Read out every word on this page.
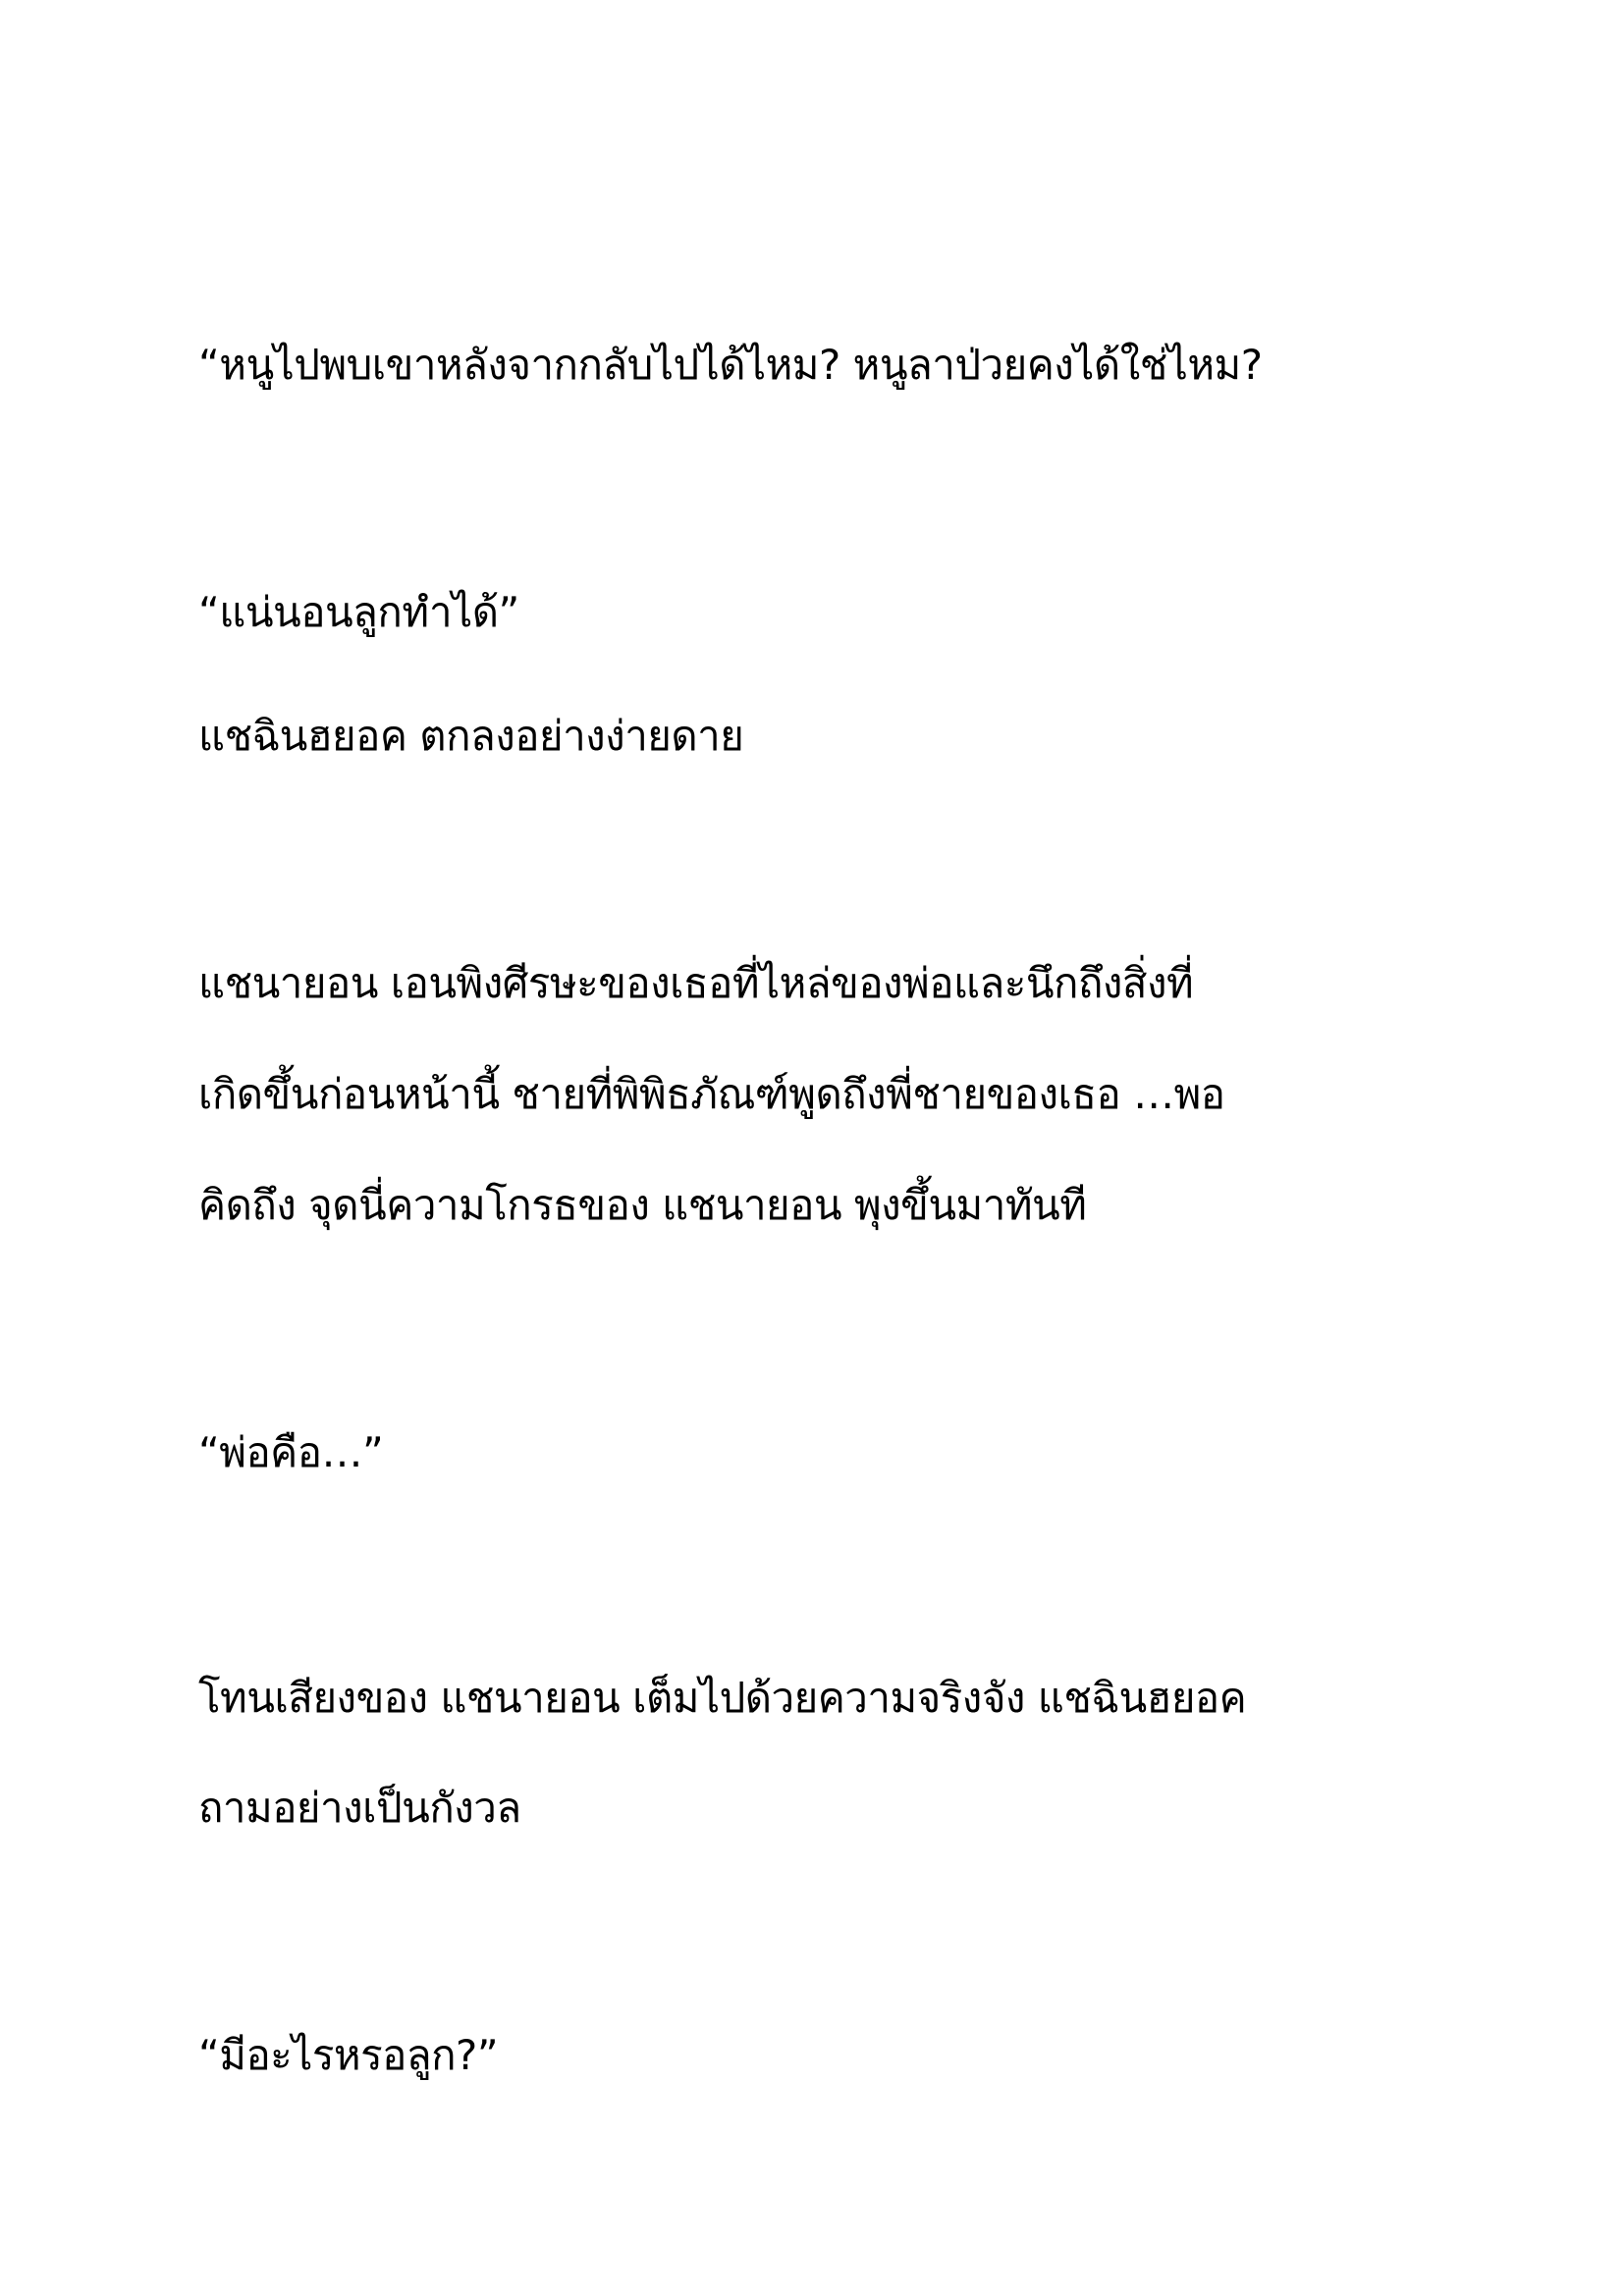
“หนูไปพบเขาหลังจากกลับไปได้ไหม? หนูลาป่วยคงได้ใช่ไหม?
“แน่นอนลูกทำได้”
แชฉินฮยอค ตกลงอย่างง่ายดาย
แชนายอน เอนพิงศีรษะของเธอที่ไหล่ของพ่อและนึกถึงสิ่งที่
เกิดขึ้นก่อนหน้านี้ ชายที่พิพิธภัณฑ์พูดถึงพี่ชายของเธอ …พอ
คิดถึง จุดนี่ความโกรธของ แชนายอน พุงขึ้นมาทันที
“พ่อคือ…”
โทนเสียงของ แชนายอน เต็มไปด้วยความจริงจัง แชฉินฮยอค
ถามอย่างเป็นกังวล
“มีอะไรหรอลูก?”
